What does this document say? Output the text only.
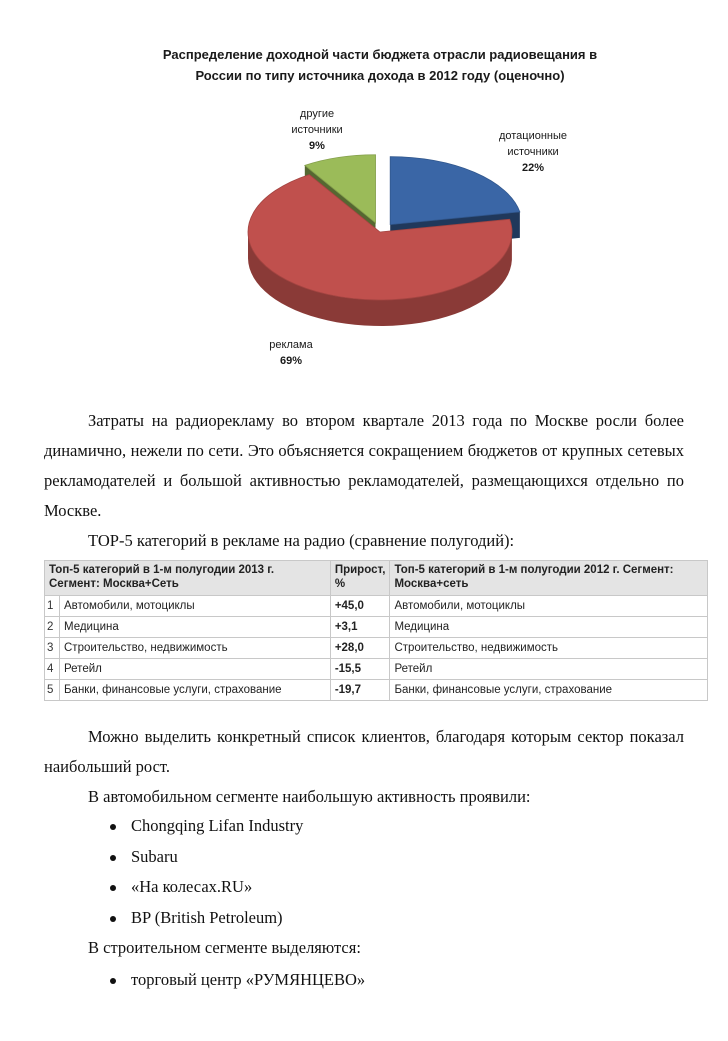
Распределение доходной части бюджета отрасли радиовещания в России по типу источника дохода в 2012 году (оценочно)

дотационные
источники
22%
реклама
69%
другие
источники
9%

Затраты на радиорекламу во втором квартале 2013 года по Москве росли более динамично, нежели по сети. Это объясняется сокращением бюджетов от крупных сетевых рекламодателей и большой активностью рекламодателей, размещающихся отдельно по Москве.

ТОР-5 категорий в рекламе на радио (сравнение полугодий):

Топ-5 категорий в 1-м полугодии 2013 г. Сегмент: Москва+Сеть		Прирост, %	Топ-5 категорий в 1-м полугодии 2012 г. Сегмент: Москва+сеть
1	Автомобили, мотоциклы	+45,0	Автомобили, мотоциклы
2	Медицина	+3,1	Медицина
3	Строительство, недвижимость	+28,0	Строительство, недвижимость
4	Ретейл	-15,5	Ретейл
5	Банки, финансовые услуги, страхование	-19,7	Банки, финансовые услуги, страхование

Можно выделить конкретный список клиентов, благодаря которым сектор показал наибольший рост.

В автомобильном сегменте наибольшую активность проявили:

Chongqing Lifan Industry
Subaru
«На колесах.RU»
BP (British Petroleum)

В строительном сегменте выделяются:

торговый центр «РУМЯНЦЕВО»
